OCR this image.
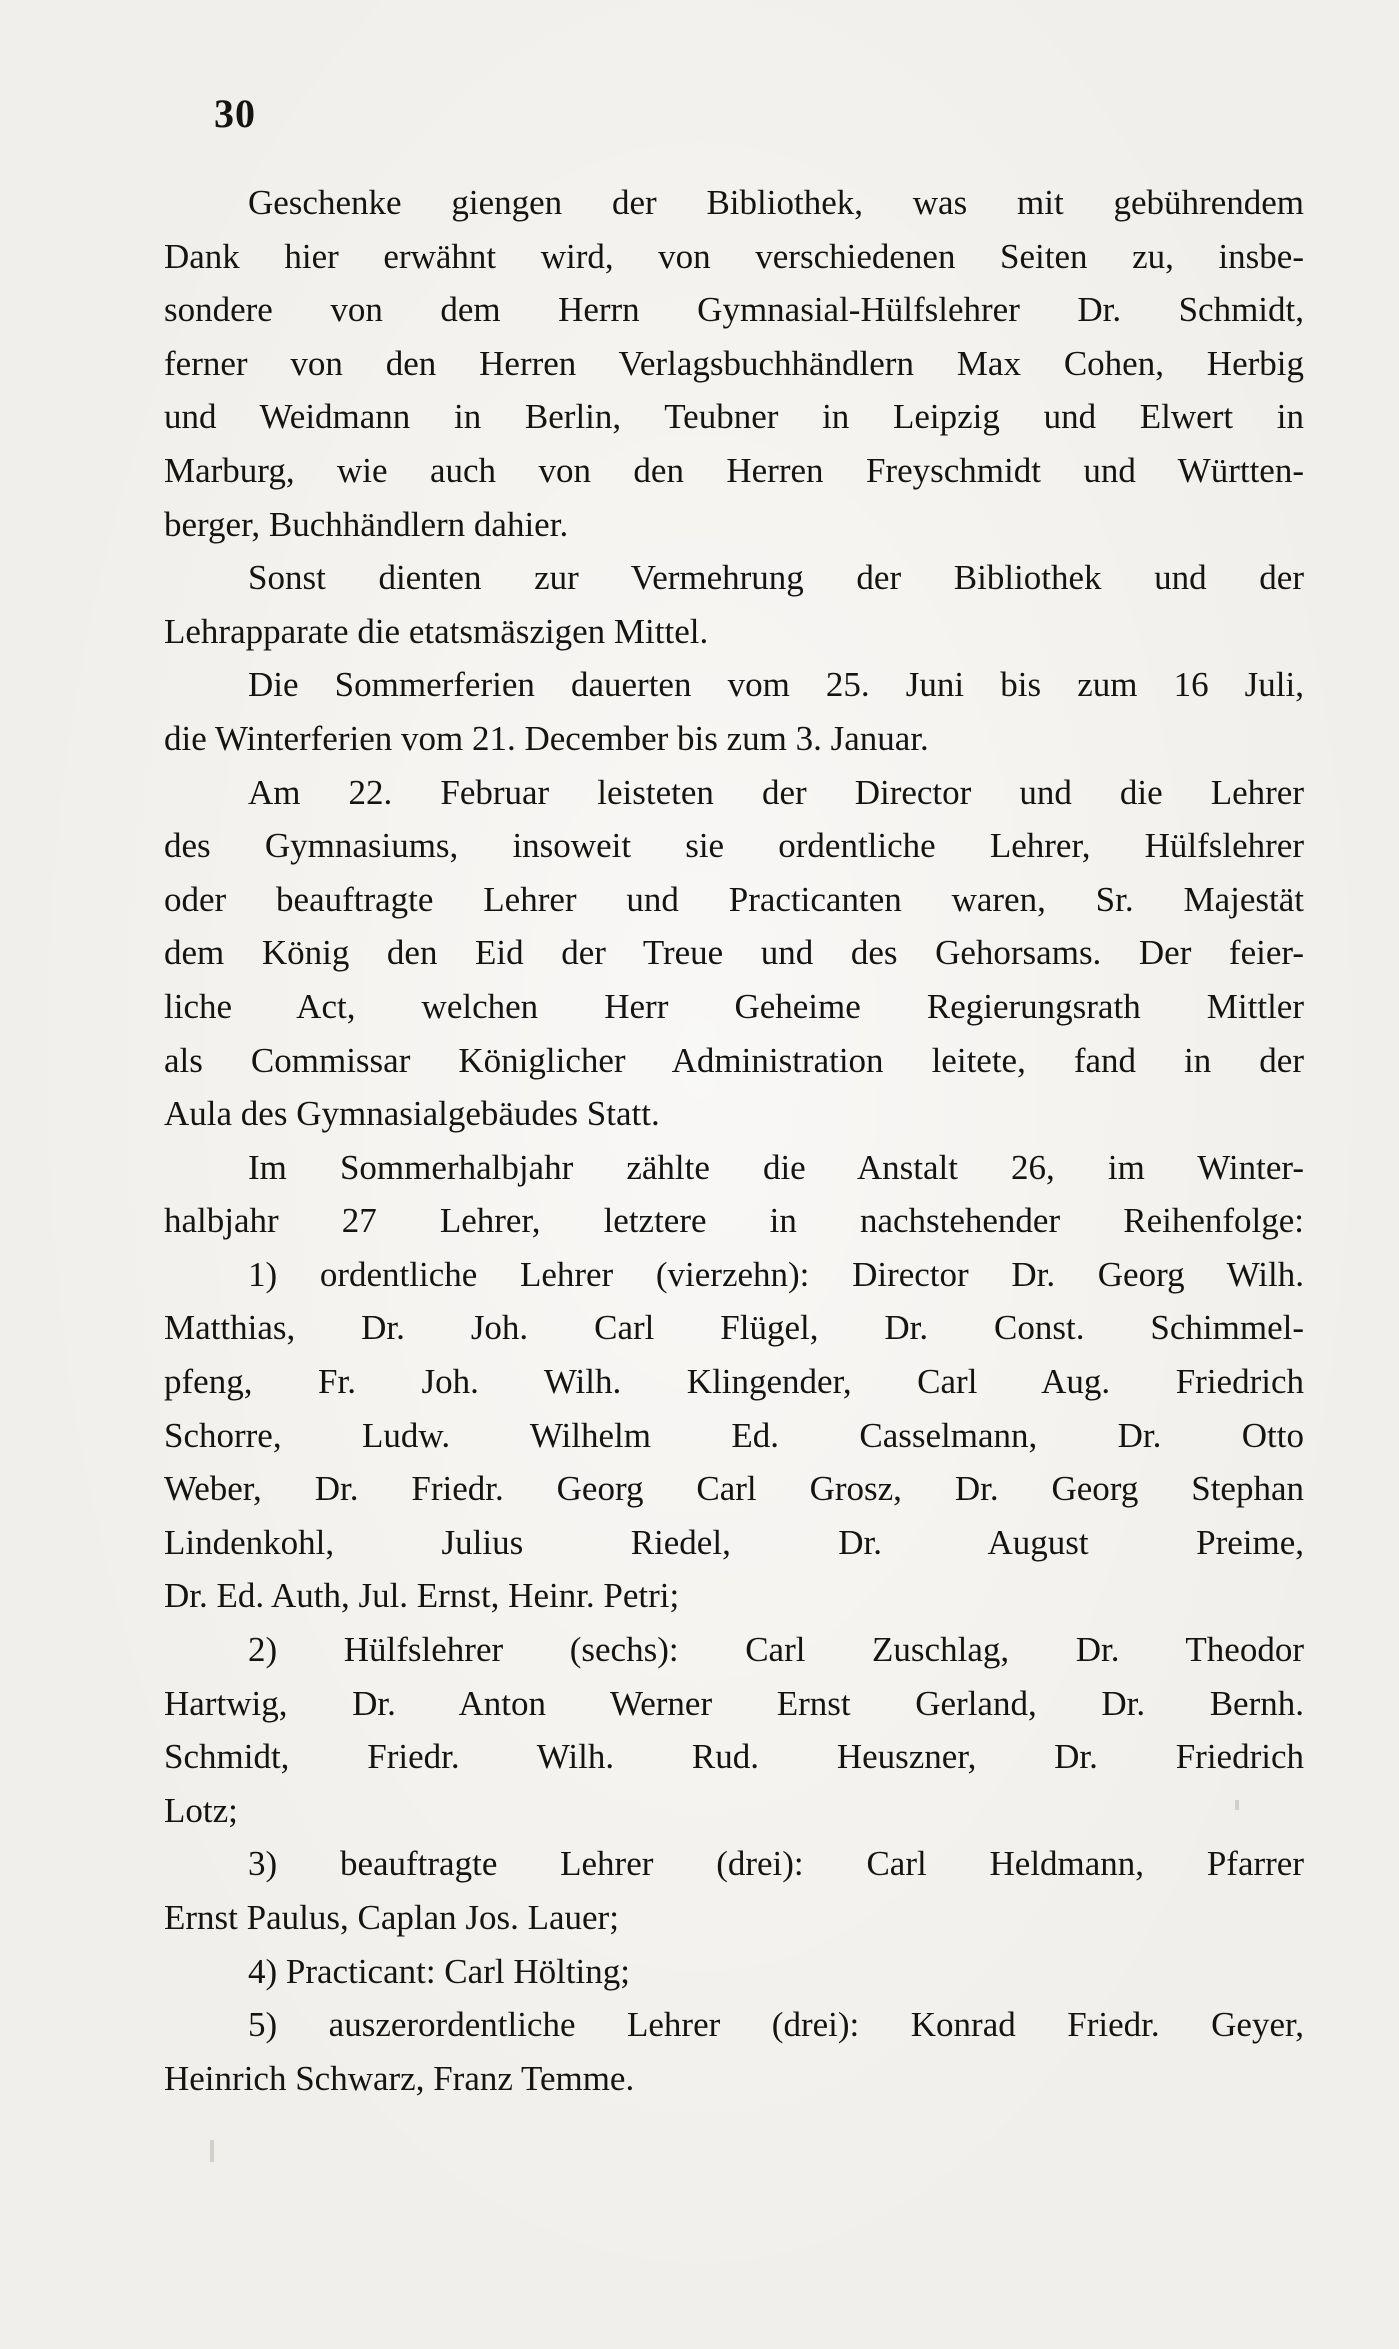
30
Geschenke giengen der Bibliothek, was mit gebührendem
Dank hier erwähnt wird, von verschiedenen Seiten zu, insbe-
sondere von dem Herrn Gymnasial-Hülfslehrer Dr. Schmidt,
ferner von den Herren Verlagsbuchhändlern Max Cohen, Herbig
und Weidmann in Berlin, Teubner in Leipzig und Elwert in
Marburg, wie auch von den Herren Freyschmidt und Württen-
berger, Buchhändlern dahier.
Sonst dienten zur Vermehrung der Bibliothek und der
Lehrapparate die etatsmäszigen Mittel.
Die Sommerferien dauerten vom 25. Juni bis zum 16 Juli,
die Winterferien vom 21. December bis zum 3. Januar.
Am 22. Februar leisteten der Director und die Lehrer
des Gymnasiums, insoweit sie ordentliche Lehrer, Hülfslehrer
oder beauftragte Lehrer und Practicanten waren, Sr. Majestät
dem König den Eid der Treue und des Gehorsams. Der feier-
liche Act, welchen Herr Geheime Regierungsrath Mittler
als Commissar Königlicher Administration leitete, fand in der
Aula des Gymnasialgebäudes Statt.
Im Sommerhalbjahr zählte die Anstalt 26, im Winter-
halbjahr 27 Lehrer, letztere in nachstehender Reihenfolge:
1) ordentliche Lehrer (vierzehn): Director Dr. Georg Wilh.
Matthias, Dr. Joh. Carl Flügel, Dr. Const. Schimmel-
pfeng, Fr. Joh. Wilh. Klingender, Carl Aug. Friedrich
Schorre, Ludw. Wilhelm Ed. Casselmann, Dr. Otto
Weber, Dr. Friedr. Georg Carl Grosz, Dr. Georg Stephan
Lindenkohl, Julius Riedel, Dr. August Preime,
Dr. Ed. Auth, Jul. Ernst, Heinr. Petri;
2) Hülfslehrer (sechs): Carl Zuschlag, Dr. Theodor
Hartwig, Dr. Anton Werner Ernst Gerland, Dr. Bernh.
Schmidt, Friedr. Wilh. Rud. Heuszner, Dr. Friedrich
Lotz;
3) beauftragte Lehrer (drei): Carl Heldmann, Pfarrer
Ernst Paulus, Caplan Jos. Lauer;
4) Practicant: Carl Hölting;
5) auszerordentliche Lehrer (drei): Konrad Friedr. Geyer,
Heinrich Schwarz, Franz Temme.
